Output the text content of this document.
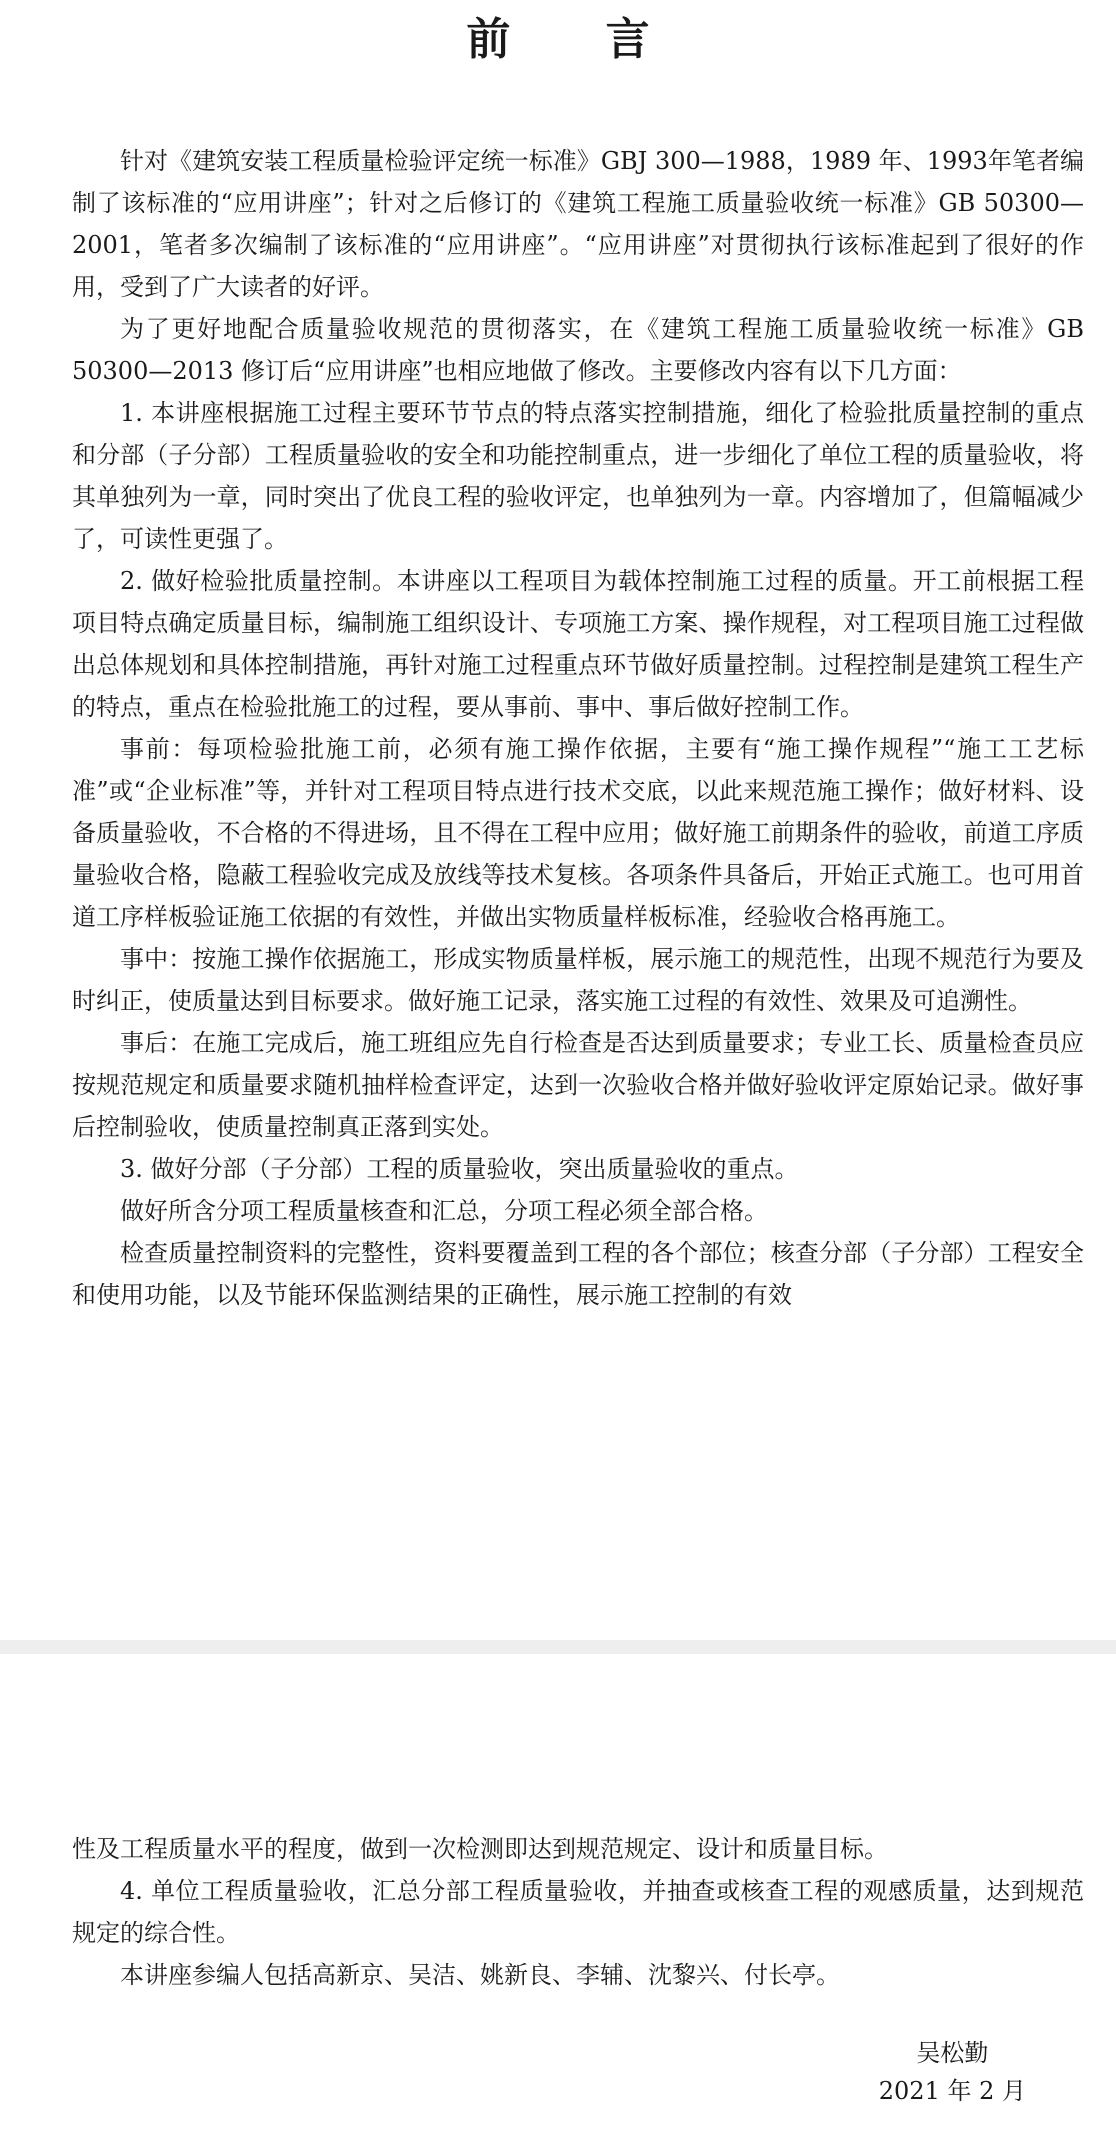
前 言

针对《建筑安装工程质量检验评定统一标准》GBJ 300—1988，1989 年、1993年笔者编制了该标准的“应用讲座”；针对之后修订的《建筑工程施工质量验收统一标准》GB 50300—2001，笔者多次编制了该标准的“应用讲座”。“应用讲座”对贯彻执行该标准起到了很好的作用，受到了广大读者的好评。

为了更好地配合质量验收规范的贯彻落实，在《建筑工程施工质量验收统一标准》GB 50300—2013 修订后“应用讲座”也相应地做了修改。主要修改内容有以下几方面：

1. 本讲座根据施工过程主要环节节点的特点落实控制措施，细化了检验批质量控制的重点和分部（子分部）工程质量验收的安全和功能控制重点，进一步细化了单位工程的质量验收，将其单独列为一章，同时突出了优良工程的验收评定，也单独列为一章。内容增加了，但篇幅减少了，可读性更强了。

2. 做好检验批质量控制。本讲座以工程项目为载体控制施工过程的质量。开工前根据工程项目特点确定质量目标，编制施工组织设计、专项施工方案、操作规程，对工程项目施工过程做出总体规划和具体控制措施，再针对施工过程重点环节做好质量控制。过程控制是建筑工程生产的特点，重点在检验批施工的过程，要从事前、事中、事后做好控制工作。

事前：每项检验批施工前，必须有施工操作依据，主要有“施工操作规程”“施工工艺标准”或“企业标准”等，并针对工程项目特点进行技术交底，以此来规范施工操作；做好材料、设备质量验收，不合格的不得进场，且不得在工程中应用；做好施工前期条件的验收，前道工序质量验收合格，隐蔽工程验收完成及放线等技术复核。各项条件具备后，开始正式施工。也可用首道工序样板验证施工依据的有效性，并做出实物质量样板标准，经验收合格再施工。

事中：按施工操作依据施工，形成实物质量样板，展示施工的规范性，出现不规范行为要及时纠正，使质量达到目标要求。做好施工记录，落实施工过程的有效性、效果及可追溯性。

事后：在施工完成后，施工班组应先自行检查是否达到质量要求；专业工长、质量检查员应按规范规定和质量要求随机抽样检查评定，达到一次验收合格并做好验收评定原始记录。做好事后控制验收，使质量控制真正落到实处。

3. 做好分部（子分部）工程的质量验收，突出质量验收的重点。

做好所含分项工程质量核查和汇总，分项工程必须全部合格。

检查质量控制资料的完整性，资料要覆盖到工程的各个部位；核查分部（子分部）工程安全和使用功能，以及节能环保监测结果的正确性，展示施工控制的有效

性及工程质量水平的程度，做到一次检测即达到规范规定、设计和质量目标。

4. 单位工程质量验收，汇总分部工程质量验收，并抽查或核查工程的观感质量，达到规范规定的综合性。

本讲座参编人包括高新京、吴洁、姚新良、李辅、沈黎兴、付长亭。

吴松勤
2021 年 2 月
